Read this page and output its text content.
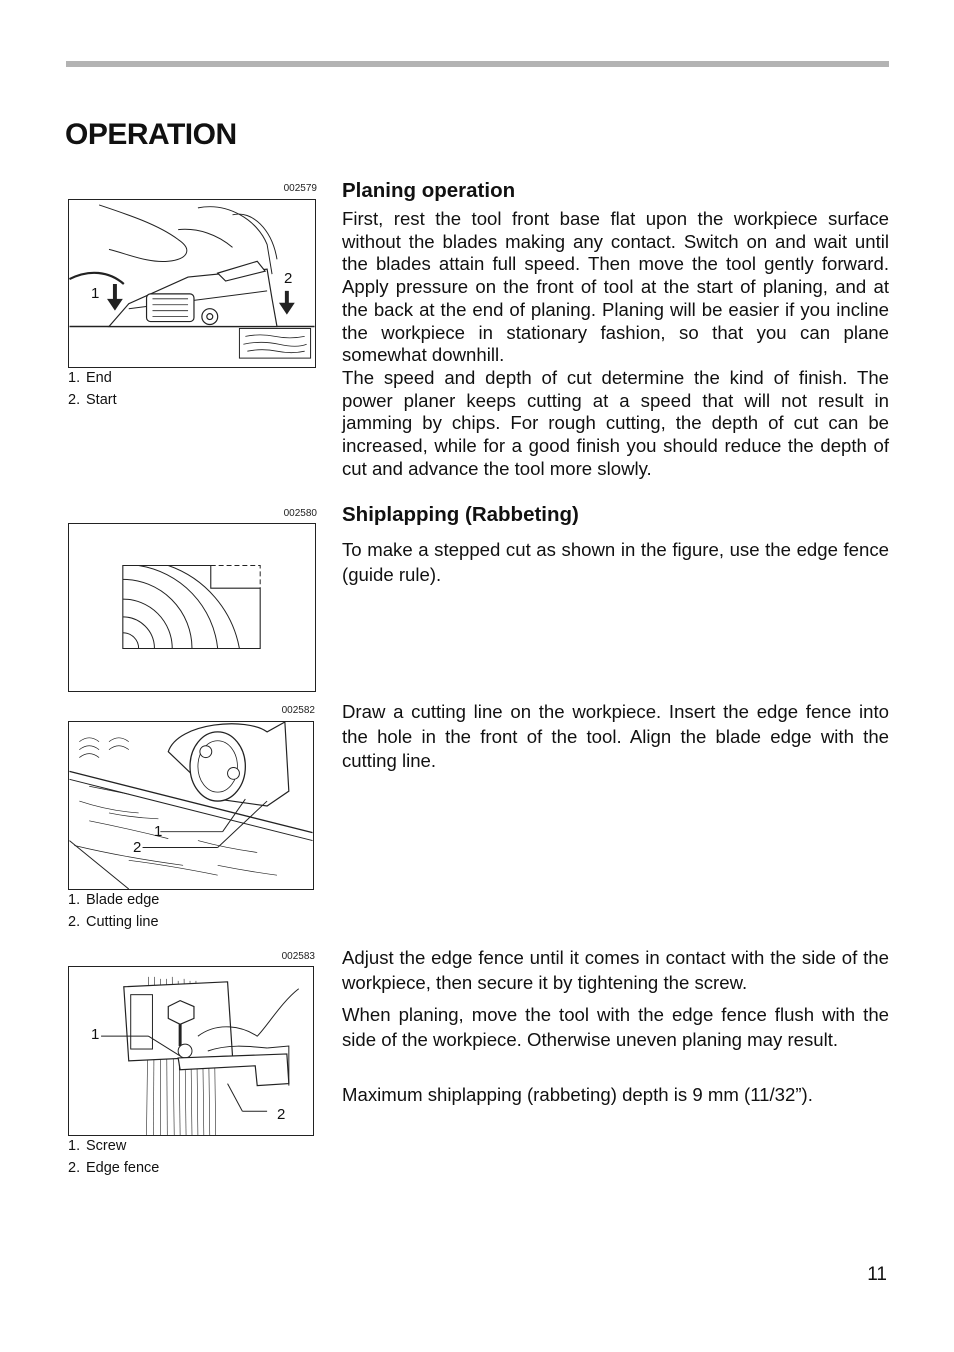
OPERATION
002579
1
2
1. End
2. Start
Planing operation

First, rest the tool front base flat upon the workpiece surface without the blades making any contact. Switch on and wait until the blades attain full speed. Then move the tool gently forward. Apply pressure on the front of tool at the start of planing, and at the back at the end of planing. Planing will be easier if you incline the workpiece in stationary fashion, so that you can plane somewhat downhill.

The speed and depth of cut determine the kind of finish. The power planer keeps cutting at a speed that will not result in jamming by chips. For rough cutting, the depth of cut can be increased, while for a good finish you should reduce the depth of cut and advance the tool more slowly.

002580 Shiplapping (Rabbeting)

To make a stepped cut as shown in the figure, use the edge fence (guide rule).

002582
1
2
1. Blade edge
2. Cutting line

Draw a cutting line on the workpiece. Insert the edge fence into the hole in the front of the tool. Align the blade edge with the cutting line.

002583
1
2
1. Screw
2. Edge fence

Adjust the edge fence until it comes in contact with the side of the workpiece, then secure it by tightening the screw.

When planing, move the tool with the edge fence flush with the side of the workpiece. Otherwise uneven planing may result.

Maximum shiplapping (rabbeting) depth is 9 mm (11/32”).

11
